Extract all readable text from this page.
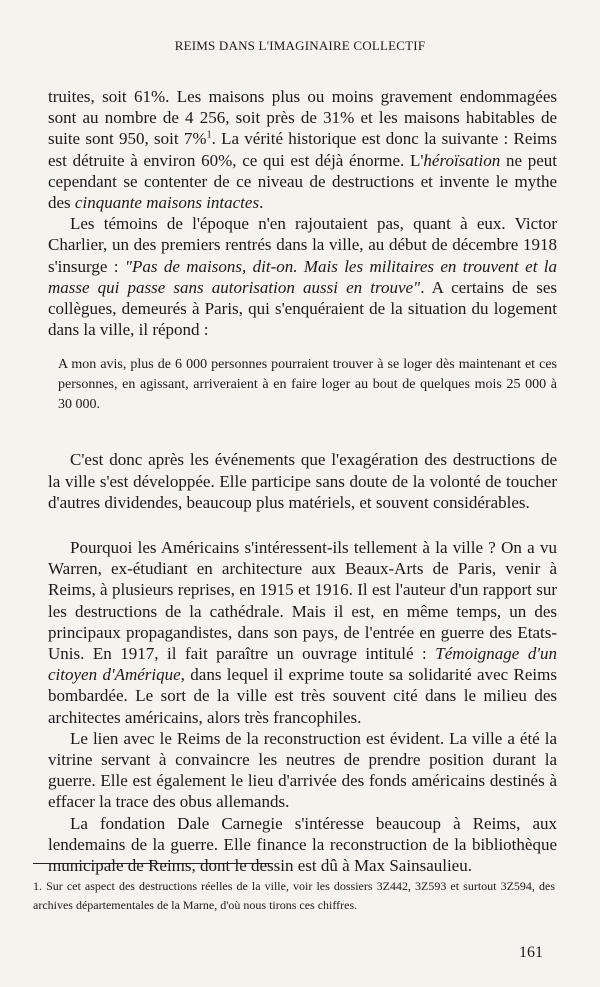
REIMS DANS L'IMAGINAIRE COLLECTIF

truites, soit 61%. Les maisons plus ou moins gravement endommagées sont au nombre de 4 256, soit près de 31% et les maisons habitables de suite sont 950, soit 7%$^1$. La vérité historique est donc la suivante : Reims est détruite à environ 60%, ce qui est déjà énorme. L'héroïsation ne peut cependant se contenter de ce niveau de destructions et invente le mythe des cinquante maisons intactes.

Les témoins de l'époque n'en rajoutaient pas, quant à eux. Victor Charlier, un des premiers rentrés dans la ville, au début de décembre 1918 s'insurge : "Pas de maisons, dit-on. Mais les militaires en trouvent et la masse qui passe sans autorisation aussi en trouve". A certains de ses collègues, demeurés à Paris, qui s'enquéraient de la situation du logement dans la ville, il répond :

A mon avis, plus de 6 000 personnes pourraient trouver à se loger dès maintenant et ces personnes, en agissant, arriveraient à en faire loger au bout de quelques mois 25 000 à 30 000.

C'est donc après les événements que l'exagération des destructions de la ville s'est développée. Elle participe sans doute de la volonté de toucher d'autres dividendes, beaucoup plus matériels, et souvent considérables.

Pourquoi les Américains s'intéressent-ils tellement à la ville ? On a vu Warren, ex-étudiant en architecture aux Beaux-Arts de Paris, venir à Reims, à plusieurs reprises, en 1915 et 1916. Il est l'auteur d'un rapport sur les destructions de la cathédrale. Mais il est, en même temps, un des principaux propagandistes, dans son pays, de l'entrée en guerre des Etats-Unis. En 1917, il fait paraître un ouvrage intitulé : Témoignage d'un citoyen d'Amérique, dans lequel il exprime toute sa solidarité avec Reims bombardée. Le sort de la ville est très souvent cité dans le milieu des architectes américains, alors très francophiles.

Le lien avec le Reims de la reconstruction est évident. La ville a été la vitrine servant à convaincre les neutres de prendre position durant la guerre. Elle est également le lieu d'arrivée des fonds américains destinés à effacer la trace des obus allemands.

La fondation Dale Carnegie s'intéresse beaucoup à Reims, aux lendemains de la guerre. Elle finance la reconstruction de la bibliothèque municipale de Reims, dont le dessin est dû à Max Sainsaulieu.

1. Sur cet aspect des destructions réelles de la ville, voir les dossiers 3Z442, 3Z593 et surtout 3Z594, des archives départementales de la Marne, d'où nous tirons ces chiffres.
161
